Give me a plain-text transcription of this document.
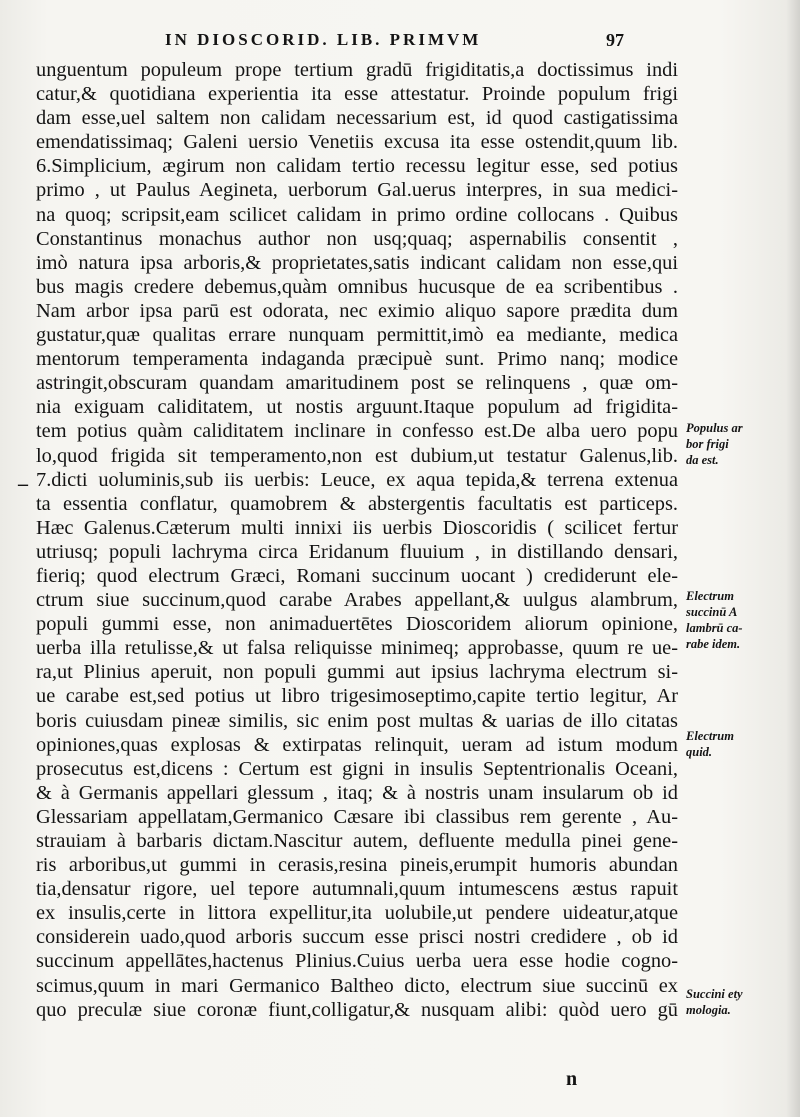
IN DIOSCORID. LIB. PRIMVM	97
–
unguentum populeum prope tertium gradū frigiditatis,a doctissimus indi
catur,& quotidiana experientia ita esse attestatur. Proinde populum frigi
dam esse,uel saltem non calidam necessarium est, id quod castigatissima
emendatissimaq; Galeni uersio Venetiis excusa ita esse ostendit,quum lib.
6.Simplicium, ægirum non calidam tertio recessu legitur esse, sed potius
primo , ut Paulus Aegineta, uerborum Gal.uerus interpres, in sua medici-
na quoq; scripsit,eam scilicet calidam in primo ordine collocans . Quibus
Constantinus monachus author non usq;quaq; aspernabilis consentit ,
imò natura ipsa arboris,& proprietates,satis indicant calidam non esse,qui
bus magis credere debemus,quàm omnibus hucusque de ea scribentibus .
Nam arbor ipsa parū est odorata, nec eximio aliquo sapore prædita dum
gustatur,quæ qualitas errare nunquam permittit,imò ea mediante, medica
mentorum temperamenta indaganda præcipuè sunt. Primo nanq; modice
astringit,obscuram quandam amaritudinem post se relinquens , quæ om-
nia exiguam caliditatem, ut nostis arguunt.Itaque populum ad frigidita-
tem potius quàm caliditatem inclinare in confesso est.De alba uero popu
lo,quod frigida sit temperamento,non est dubium,ut testatur Galenus,lib.
7.dicti uoluminis,sub iis uerbis: Leuce, ex aqua tepida,& terrena extenua
ta essentia conflatur, quamobrem & abstergentis facultatis est particeps.
Hæc Galenus.Cæterum multi innixi iis uerbis Dioscoridis ( scilicet fertur
utriusq; populi lachryma circa Eridanum fluuium , in distillando densari,
fieriq; quod electrum Græci, Romani succinum uocant ) crediderunt ele-
ctrum siue succinum,quod carabe Arabes appellant,& uulgus alambrum,
populi gummi esse, non animaduertētes Dioscoridem aliorum opinione,
uerba illa retulisse,& ut falsa reliquisse minimeq; approbasse, quum re ue-
ra,ut Plinius aperuit, non populi gummi aut ipsius lachryma electrum si-
ue carabe est,sed potius ut libro trigesimoseptimo,capite tertio legitur, Ar
boris cuiusdam pineæ similis, sic enim post multas & uarias de illo citatas
opiniones,quas explosas & extirpatas relinquit, ueram ad istum modum
prosecutus est,dicens : Certum est gigni in insulis Septentrionalis Oceani,
& à Germanis appellari glessum , itaq; & à nostris unam insularum ob id
Glessariam appellatam,Germanico Cæsare ibi classibus rem gerente , Au-
strauiam à barbaris dictam.Nascitur autem, defluente medulla pinei gene-
ris arboribus,ut gummi in cerasis,resina pineis,erumpit humoris abundan
tia,densatur rigore, uel tepore autumnali,quum intumescens æstus rapuit
ex insulis,certe in littora expellitur,ita uolubile,ut pendere uideatur,atque
considerein uado,quod arboris succum esse prisci nostri credidere , ob id
succinum appellātes,hactenus Plinius.Cuius uerba uera esse hodie cogno-
scimus,quum in mari Germanico Baltheo dicto, electrum siue succinū ex
quo preculæ siue coronæ fiunt,colligatur,& nusquam alibi: quòd uero gū
Populus ar
bor frigi
da est.
Electrum
succinū A
lambrū ca-
rabe idem.
Electrum
quid.
Succini ety
mologia.
n
